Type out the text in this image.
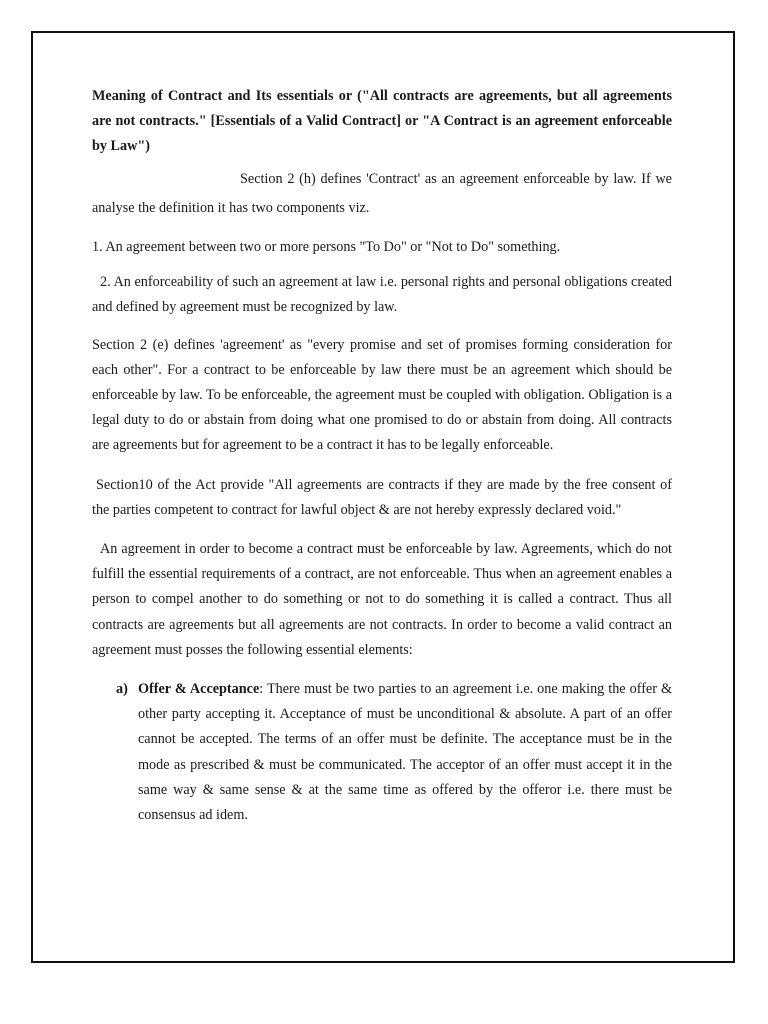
Meaning of Contract and Its essentials or ("All contracts are agreements, but all agreements are not contracts." [Essentials of a Valid Contract] or "A Contract is an agreement enforceable by Law")

Section 2 (h) defines 'Contract' as an agreement enforceable by law. If we analyse the definition it has two components viz.

1. An agreement between two or more persons "To Do" or "Not to Do" something.

2. An enforceability of such an agreement at law i.e. personal rights and personal obligations created and defined by agreement must be recognized by law.

Section 2 (e) defines 'agreement' as "every promise and set of promises forming consideration for each other". For a contract to be enforceable by law there must be an agreement which should be enforceable by law. To be enforceable, the agreement must be coupled with obligation. Obligation is a legal duty to do or abstain from doing what one promised to do or abstain from doing. All contracts are agreements but for agreement to be a contract it has to be legally enforceable.

Section10 of the Act provide "All agreements are contracts if they are made by the free consent of the parties competent to contract for lawful object & are not hereby expressly declared void."

An agreement in order to become a contract must be enforceable by law. Agreements, which do not fulfill the essential requirements of a contract, are not enforceable. Thus when an agreement enables a person to compel another to do something or not to do something it is called a contract. Thus all contracts are agreements but all agreements are not contracts. In order to become a valid contract an agreement must posses the following essential elements:

a) Offer & Acceptance: There must be two parties to an agreement i.e. one making the offer & other party accepting it. Acceptance of must be unconditional & absolute. A part of an offer cannot be accepted. The terms of an offer must be definite. The acceptance must be in the mode as prescribed & must be communicated. The acceptor of an offer must accept it in the same way & same sense & at the same time as offered by the offeror i.e. there must be consensus ad idem.
